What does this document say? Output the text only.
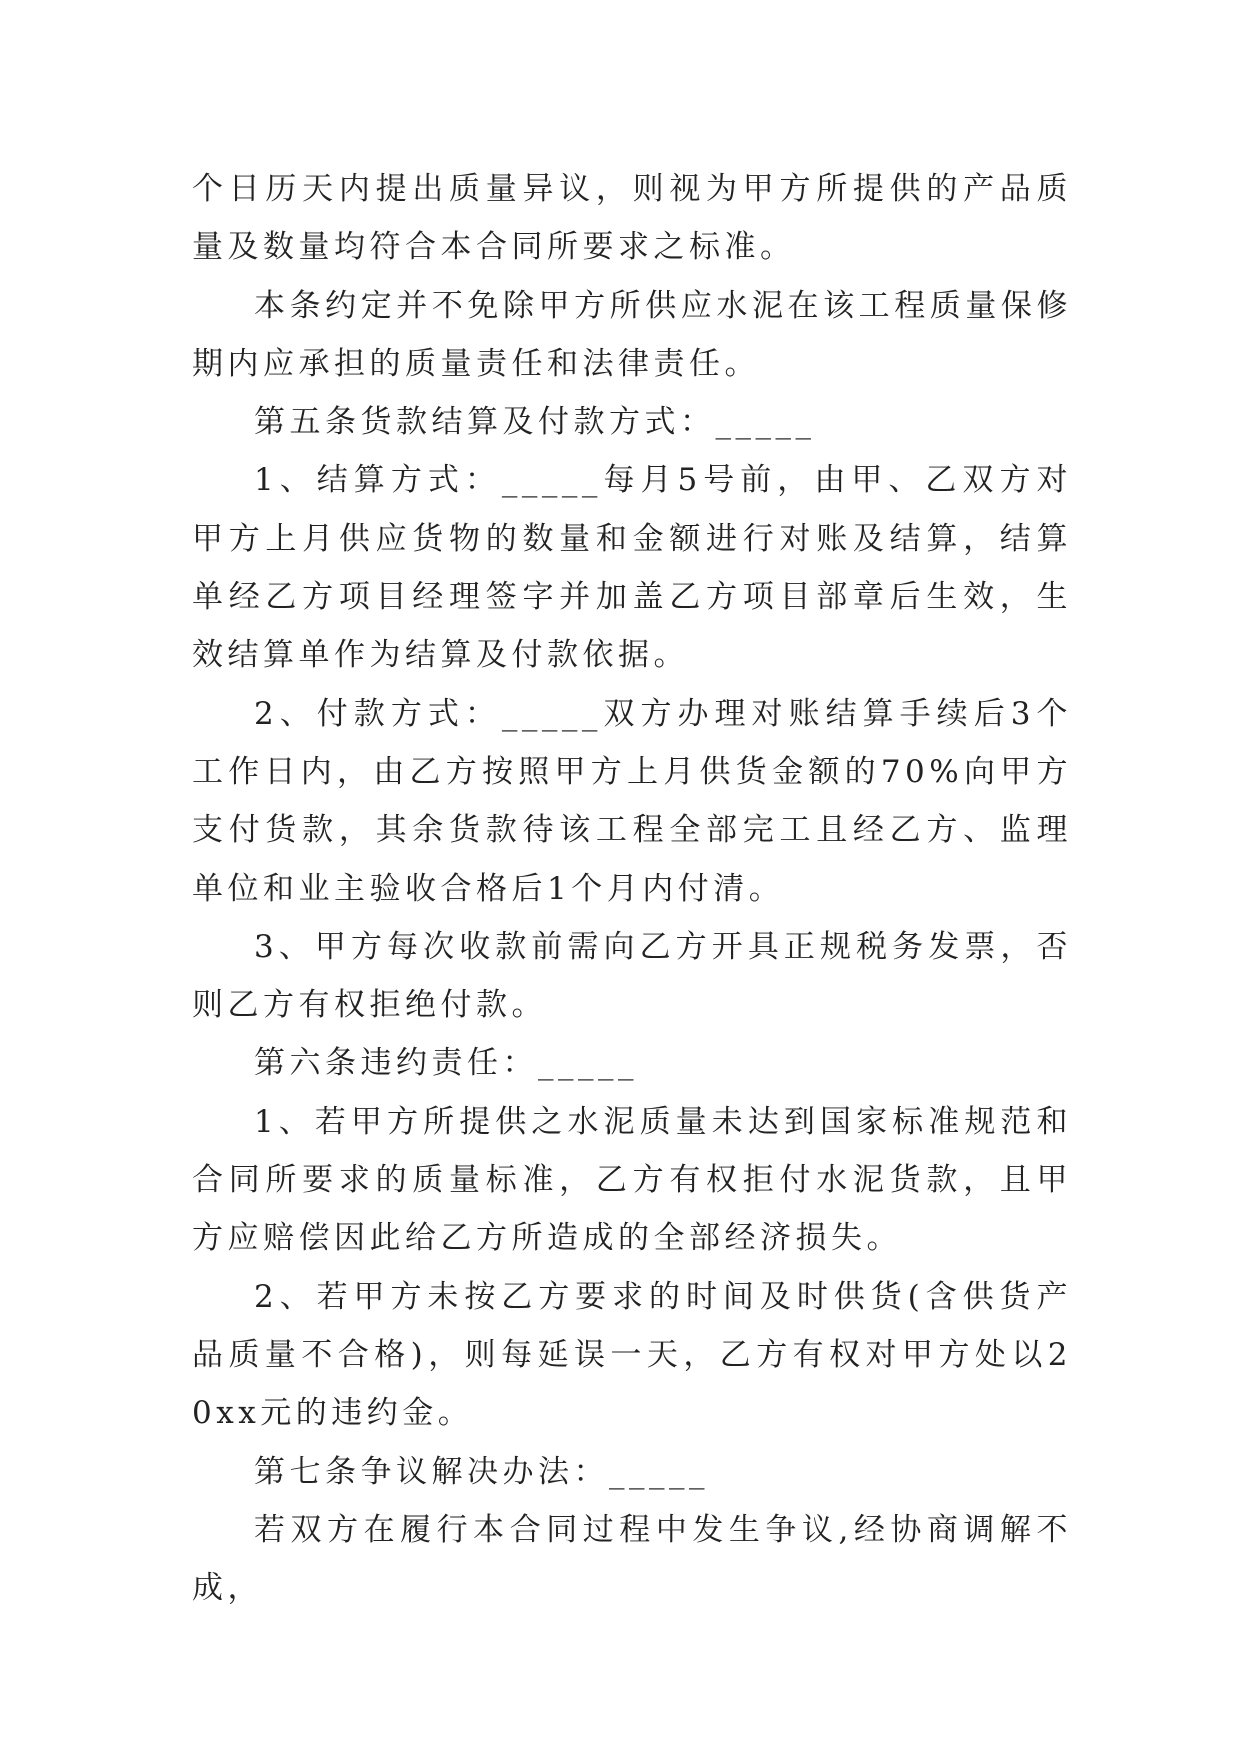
个日历天内提出质量异议，则视为甲方所提供的产品质量及数量均符合本合同所要求之标准。

本条约定并不免除甲方所供应水泥在该工程质量保修期内应承担的质量责任和法律责任。

第五条货款结算及付款方式：_____

1、结算方式：_____每月5号前，由甲、乙双方对甲方上月供应货物的数量和金额进行对账及结算，结算单经乙方项目经理签字并加盖乙方项目部章后生效，生效结算单作为结算及付款依据。

2、付款方式：_____双方办理对账结算手续后3个工作日内，由乙方按照甲方上月供货金额的70%向甲方支付货款，其余货款待该工程全部完工且经乙方、监理单位和业主验收合格后1个月内付清。

3、甲方每次收款前需向乙方开具正规税务发票，否则乙方有权拒绝付款。

第六条违约责任：_____

1、若甲方所提供之水泥质量未达到国家标准规范和合同所要求的质量标准，乙方有权拒付水泥货款，且甲方应赔偿因此给乙方所造成的全部经济损失。

2、若甲方未按乙方要求的时间及时供货(含供货产品质量不合格)，则每延误一天，乙方有权对甲方处以20xx元的违约金。

第七条争议解决办法：_____

若双方在履行本合同过程中发生争议,经协商调解不成，
